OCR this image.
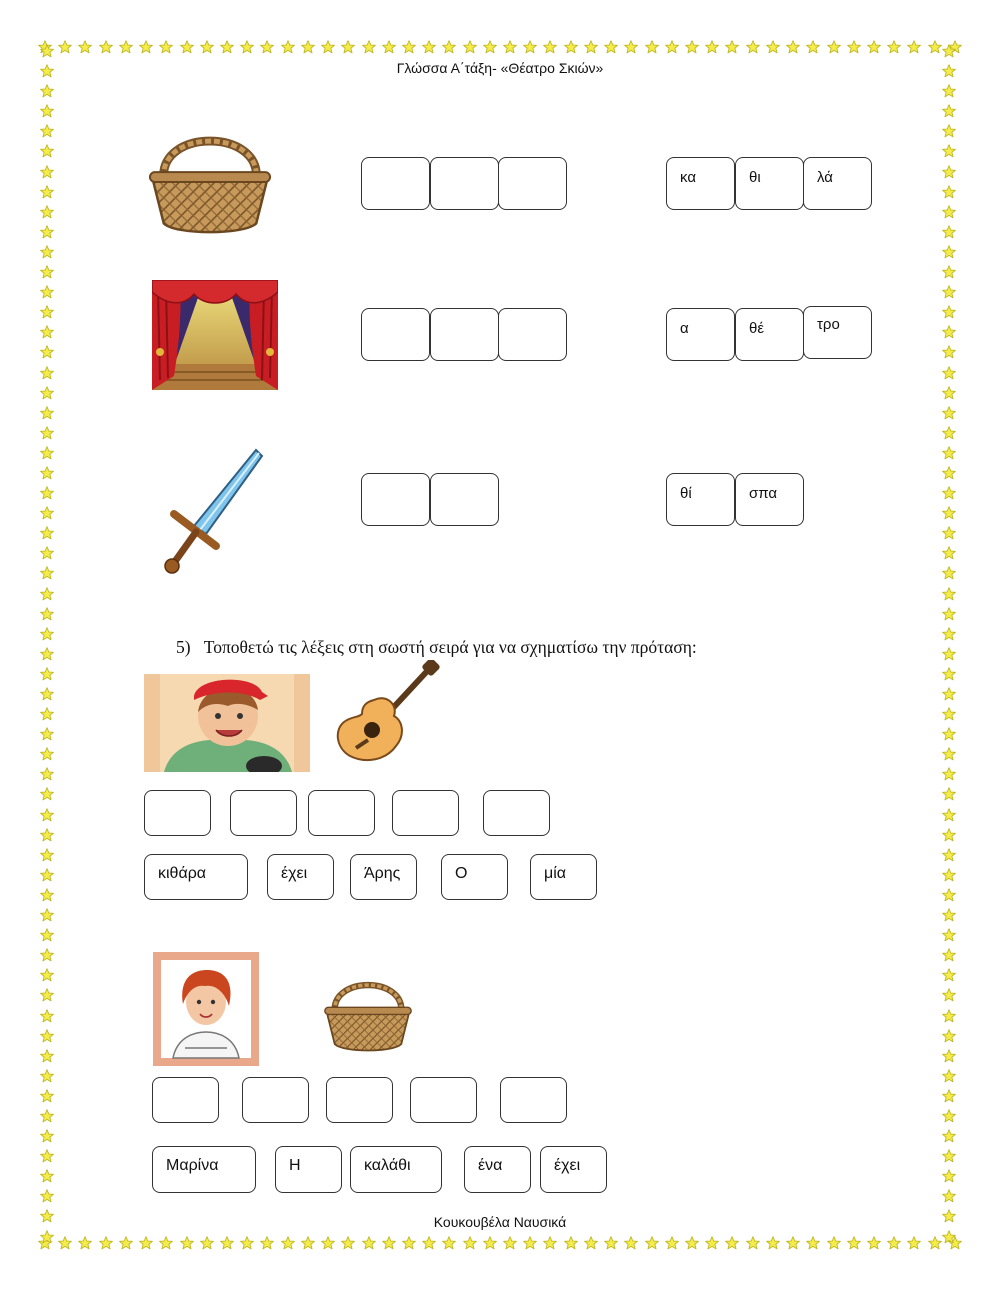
Γλώσσα Α΄τάξη- «Θέατρο Σκιών»
κα	θι	λά
α	θέ	τρο
θί	σπα
5) Τοποθετώ τις λέξεις στη σωστή σειρά για να σχηματίσω την πρόταση:
κιθάρα	έχει	Άρης	Ο	μία
Μαρίνα	Η	καλάθι	ένα	έχει
Κουκουβέλα Ναυσικά
